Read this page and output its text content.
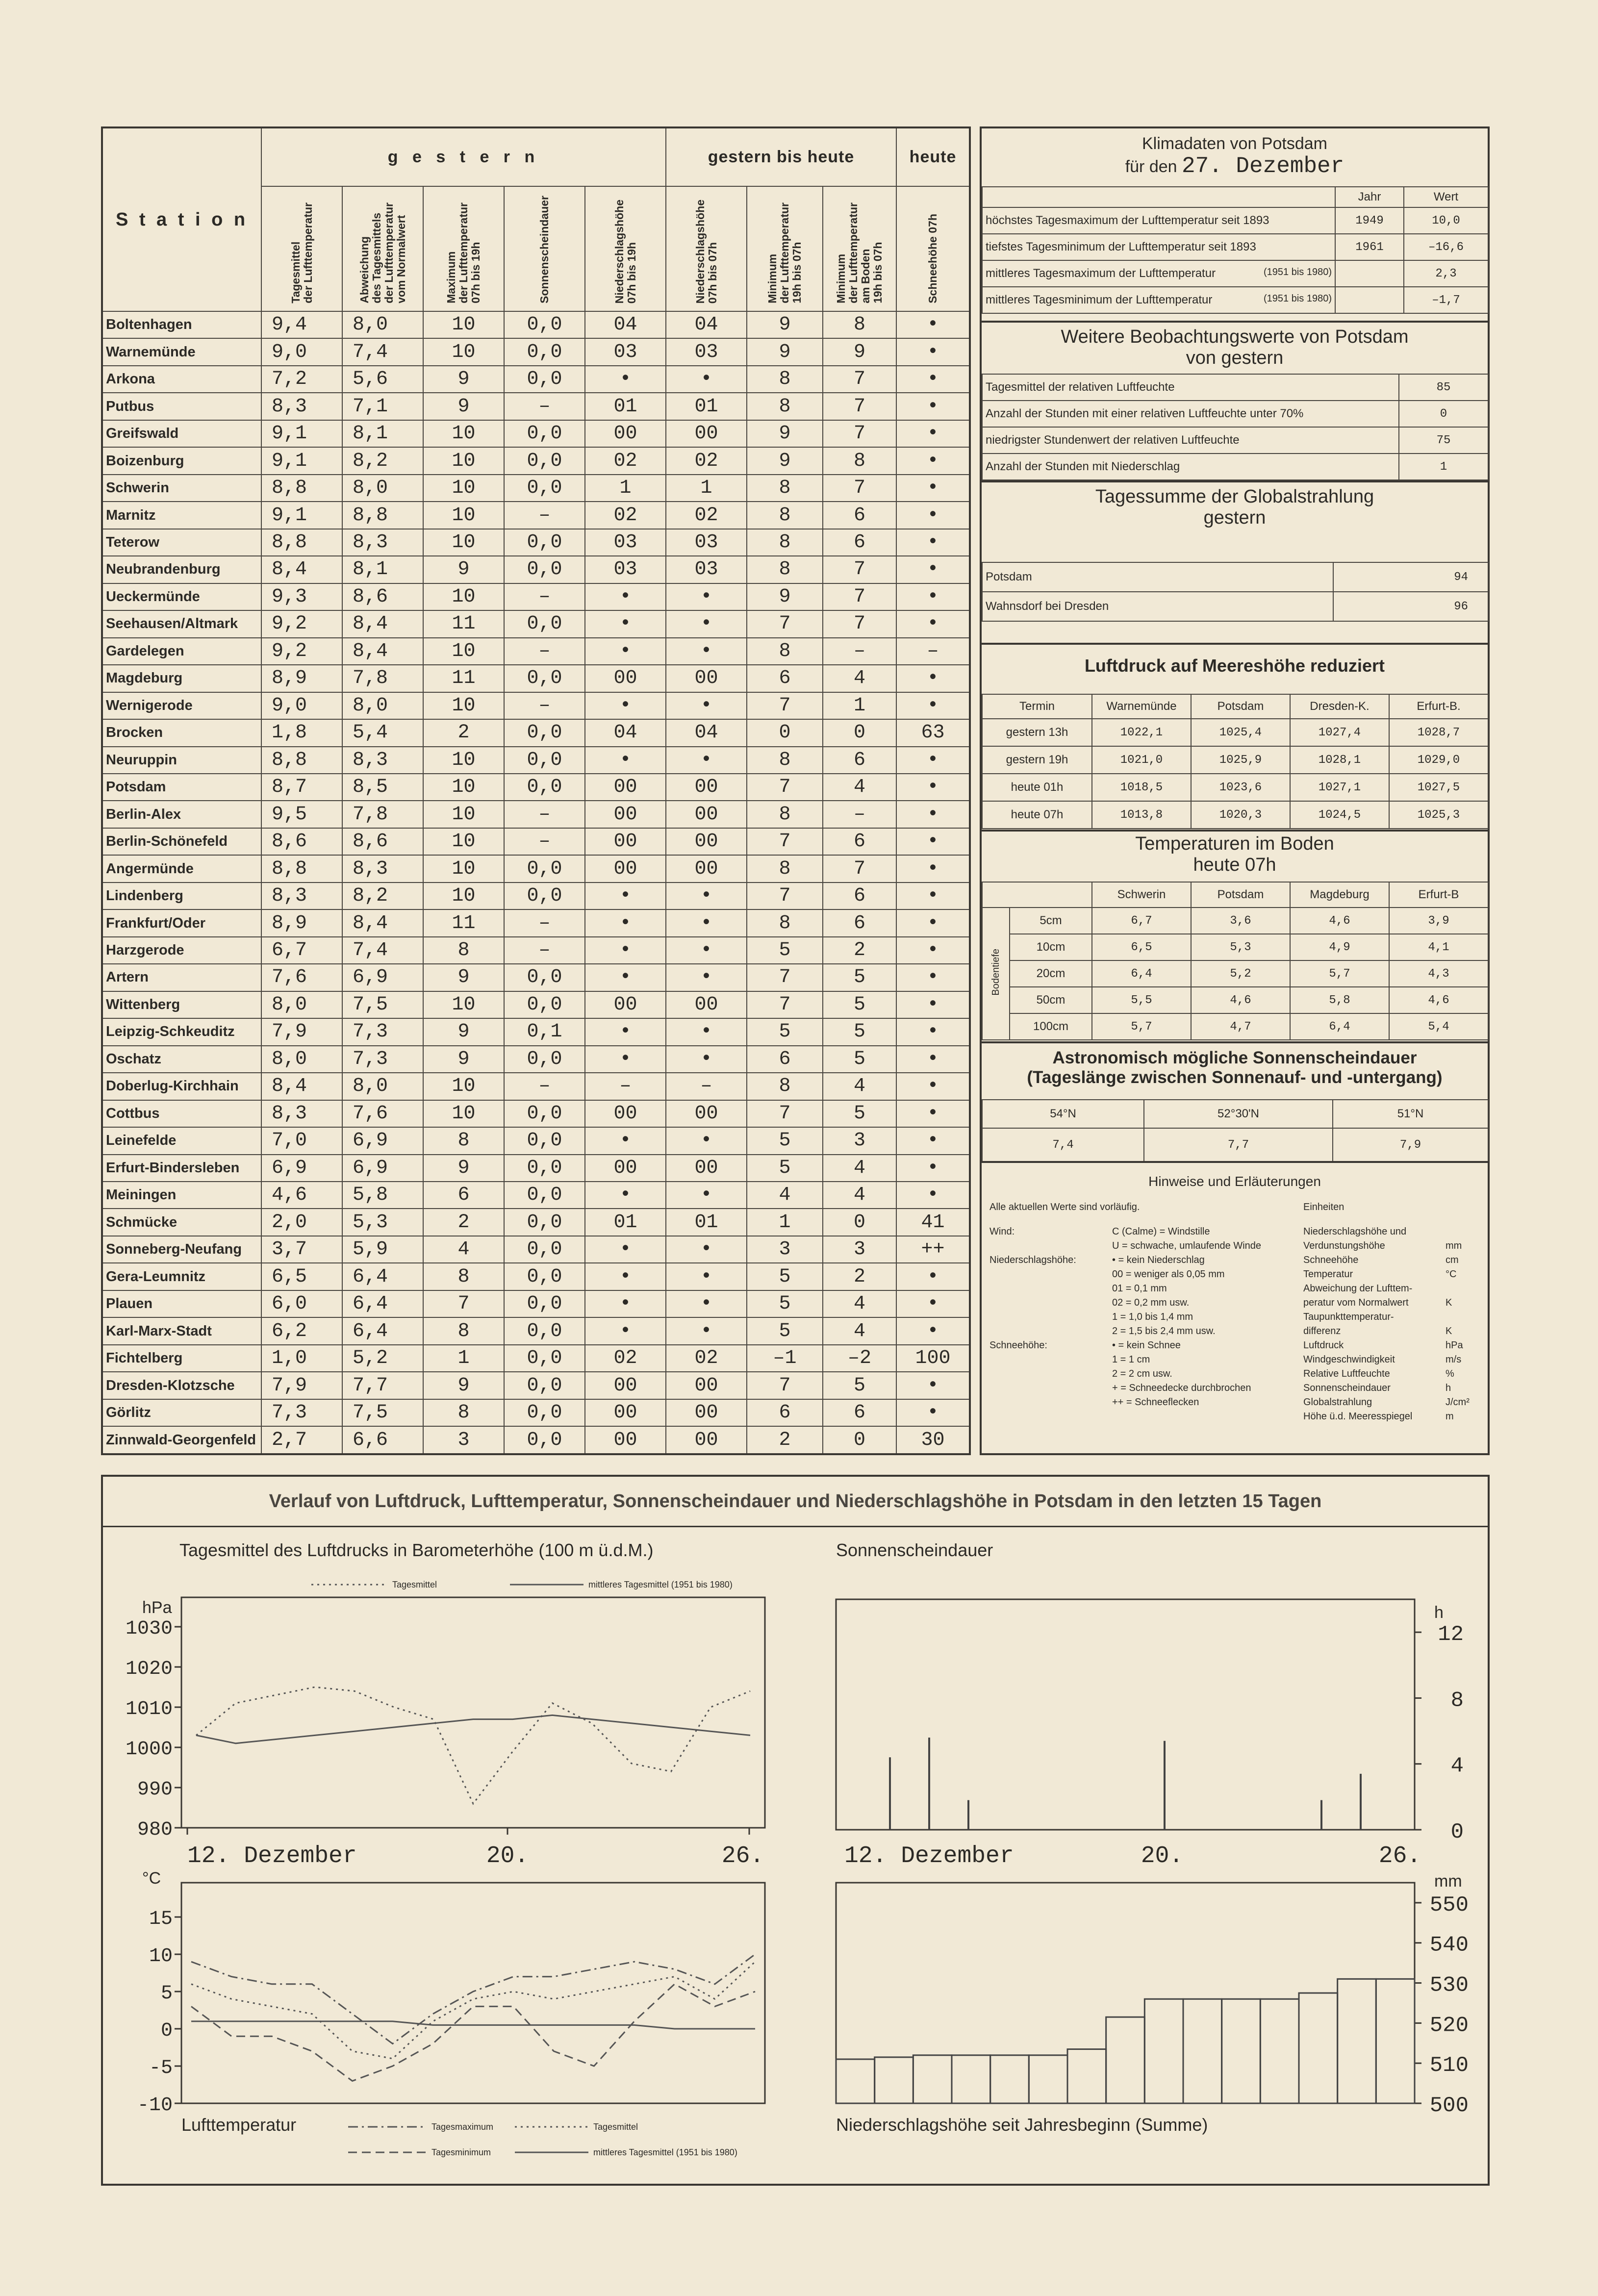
S t a t i o n	g e s t e r n					gestern bis heute			heute
	Tagesmittel
der Lufttemperatur	Abweichung
des Tagesmittels
der Lufttemperatur
vom Normalwert	Maximum
der Lufttemperatur
07h bis 19h	Sonnenscheindauer	Niederschlagshöhe
07h bis 19h	Niederschlagshöhe
07h bis 07h	Minimum
der Lufttemperatur
19h bis 07h	Minimum
der Lufttemperatur
am Boden
19h bis 07h	Schneehöhe 07h
Boltenhagen	9,4	8,0	10	0,0	04	04	9	8	•
Warnemünde	9,0	7,4	10	0,0	03	03	9	9	•
Arkona	7,2	5,6	9	0,0	•	•	8	7	•
Putbus	8,3	7,1	9	–	01	01	8	7	•
Greifswald	9,1	8,1	10	0,0	00	00	9	7	•
Boizenburg	9,1	8,2	10	0,0	02	02	9	8	•
Schwerin	8,8	8,0	10	0,0	1	1	8	7	•
Marnitz	9,1	8,8	10	–	02	02	8	6	•
Teterow	8,8	8,3	10	0,0	03	03	8	6	•
Neubrandenburg	8,4	8,1	9	0,0	03	03	8	7	•
Ueckermünde	9,3	8,6	10	–	•	•	9	7	•
Seehausen/Altmark	9,2	8,4	11	0,0	•	•	7	7	•
Gardelegen	9,2	8,4	10	–	•	•	8	–	–
Magdeburg	8,9	7,8	11	0,0	00	00	6	4	•
Wernigerode	9,0	8,0	10	–	•	•	7	1	•
Brocken	1,8	5,4	2	0,0	04	04	0	0	63
Neuruppin	8,8	8,3	10	0,0	•	•	8	6	•
Potsdam	8,7	8,5	10	0,0	00	00	7	4	•
Berlin-Alex	9,5	7,8	10	–	00	00	8	–	•
Berlin-Schönefeld	8,6	8,6	10	–	00	00	7	6	•
Angermünde	8,8	8,3	10	0,0	00	00	8	7	•
Lindenberg	8,3	8,2	10	0,0	•	•	7	6	•
Frankfurt/Oder	8,9	8,4	11	–	•	•	8	6	•
Harzgerode	6,7	7,4	8	–	•	•	5	2	•
Artern	7,6	6,9	9	0,0	•	•	7	5	•
Wittenberg	8,0	7,5	10	0,0	00	00	7	5	•
Leipzig-Schkeuditz	7,9	7,3	9	0,1	•	•	5	5	•
Oschatz	8,0	7,3	9	0,0	•	•	6	5	•
Doberlug-Kirchhain	8,4	8,0	10	–	–	–	8	4	•
Cottbus	8,3	7,6	10	0,0	00	00	7	5	•
Leinefelde	7,0	6,9	8	0,0	•	•	5	3	•
Erfurt-Bindersleben	6,9	6,9	9	0,0	00	00	5	4	•
Meiningen	4,6	5,8	6	0,0	•	•	4	4	•
Schmücke	2,0	5,3	2	0,0	01	01	1	0	41
Sonneberg-Neufang	3,7	5,9	4	0,0	•	•	3	3	++
Gera-Leumnitz	6,5	6,4	8	0,0	•	•	5	2	•
Plauen	6,0	6,4	7	0,0	•	•	5	4	•
Karl-Marx-Stadt	6,2	6,4	8	0,0	•	•	5	4	•
Fichtelberg	1,0	5,2	1	0,0	02	02	–1	–2	100
Dresden-Klotzsche	7,9	7,7	9	0,0	00	00	7	5	•
Görlitz	7,3	7,5	8	0,0	00	00	6	6	•
Zinnwald-Georgenfeld	2,7	6,6	3	0,0	00	00	2	0	30
Klimadaten von Potsdam
für den 27. Dezember
	Jahr	Wert
höchstes Tagesmaximum der Lufttemperatur seit 1893	1949	10,0
tiefstes Tagesminimum der Lufttemperatur seit 1893	1961	–16,6
mittleres Tagesmaximum der Lufttemperatur (1951 bis 1980)		2,3
mittleres Tagesminimum der Lufttemperatur (1951 bis 1980)		–1,7
Weitere Beobachtungswerte von Potsdam
von gestern
Tagesmittel der relativen Luftfeuchte	85
Anzahl der Stunden mit einer relativen Luftfeuchte unter 70%	0
niedrigster Stundenwert der relativen Luftfeuchte	75
Anzahl der Stunden mit Niederschlag	1
Tagessumme der Globalstrahlung
gestern
Potsdam	94
Wahnsdorf bei Dresden	96
Luftdruck auf Meereshöhe reduziert
Termin	Warnemünde	Potsdam	Dresden-K.	Erfurt-B.
gestern 13h	1022,1	1025,4	1027,4	1028,7
gestern 19h	1021,0	1025,9	1028,1	1029,0
heute 01h	1018,5	1023,6	1027,1	1027,5
heute 07h	1013,8	1020,3	1024,5	1025,3
Temperaturen im Boden
heute 07h
		Schwerin	Potsdam	Magdeburg	Erfurt-B
Bodentiefe	5cm	6,7	3,6	4,6	3,9
	10cm	6,5	5,3	4,9	4,1
	20cm	6,4	5,2	5,7	4,3
	50cm	5,5	4,6	5,8	4,6
	100cm	5,7	4,7	6,4	5,4
Astronomisch mögliche Sonnenscheindauer
(Tageslänge zwischen Sonnenauf- und -untergang)
54°N	52°30'N	51°N
7,4	7,7	7,9
Hinweise und Erläuterungen
Alle aktuellen Werte sind vorläufig.	Einheiten
Wind:	C (Calme) = Windstille
U = schwache, umlaufende Winde
Niederschlagshöhe:	• = kein Niederschlag
00 = weniger als 0,05 mm
01 = 0,1 mm
02 = 0,2 mm usw.
1 = 1,0 bis 1,4 mm
2 = 1,5 bis 2,4 mm usw.
Schneehöhe:	• = kein Schnee
1 = 1 cm
2 = 2 cm usw.
+ = Schneedecke durchbrochen
++ = Schneeflecken
Niederschlagshöhe und
Verdunstungshöhe	mm
Schneehöhe	cm
Temperatur	°C
Abweichung der Lufttem-
peratur vom Normalwert	K
Taupunkttemperatur-
differenz	K
Luftdruck	hPa
Windgeschwindigkeit	m/s
Relative Luftfeuchte	%
Sonnenscheindauer	h
Globalstrahlung	J/cm²
Höhe ü.d. Meeresspiegel	m
Verlauf von Luftdruck, Lufttemperatur, Sonnenscheindauer und Niederschlagshöhe in Potsdam in den letzten 15 Tagen
Tagesmittel des Luftdrucks in Barometerhöhe (100 m ü.d.M.)
hPa
980
990
1000
1010
1020
1030
Tagesmittel	mittleres Tagesmittel (1951 bis 1980)
12. Dezember	20.	26.
Sonnenscheindauer
h
0
4
8
12
12. Dezember	20.	26.
°C
-10
-5
0
5
10
15
Lufttemperatur	Tagesmaximum	Tagesmittel
Tagesminimum	mittleres Tagesmittel (1951 bis 1980)
mm
500
510
520
530
540
550
Niederschlagshöhe seit Jahresbeginn (Summe)
